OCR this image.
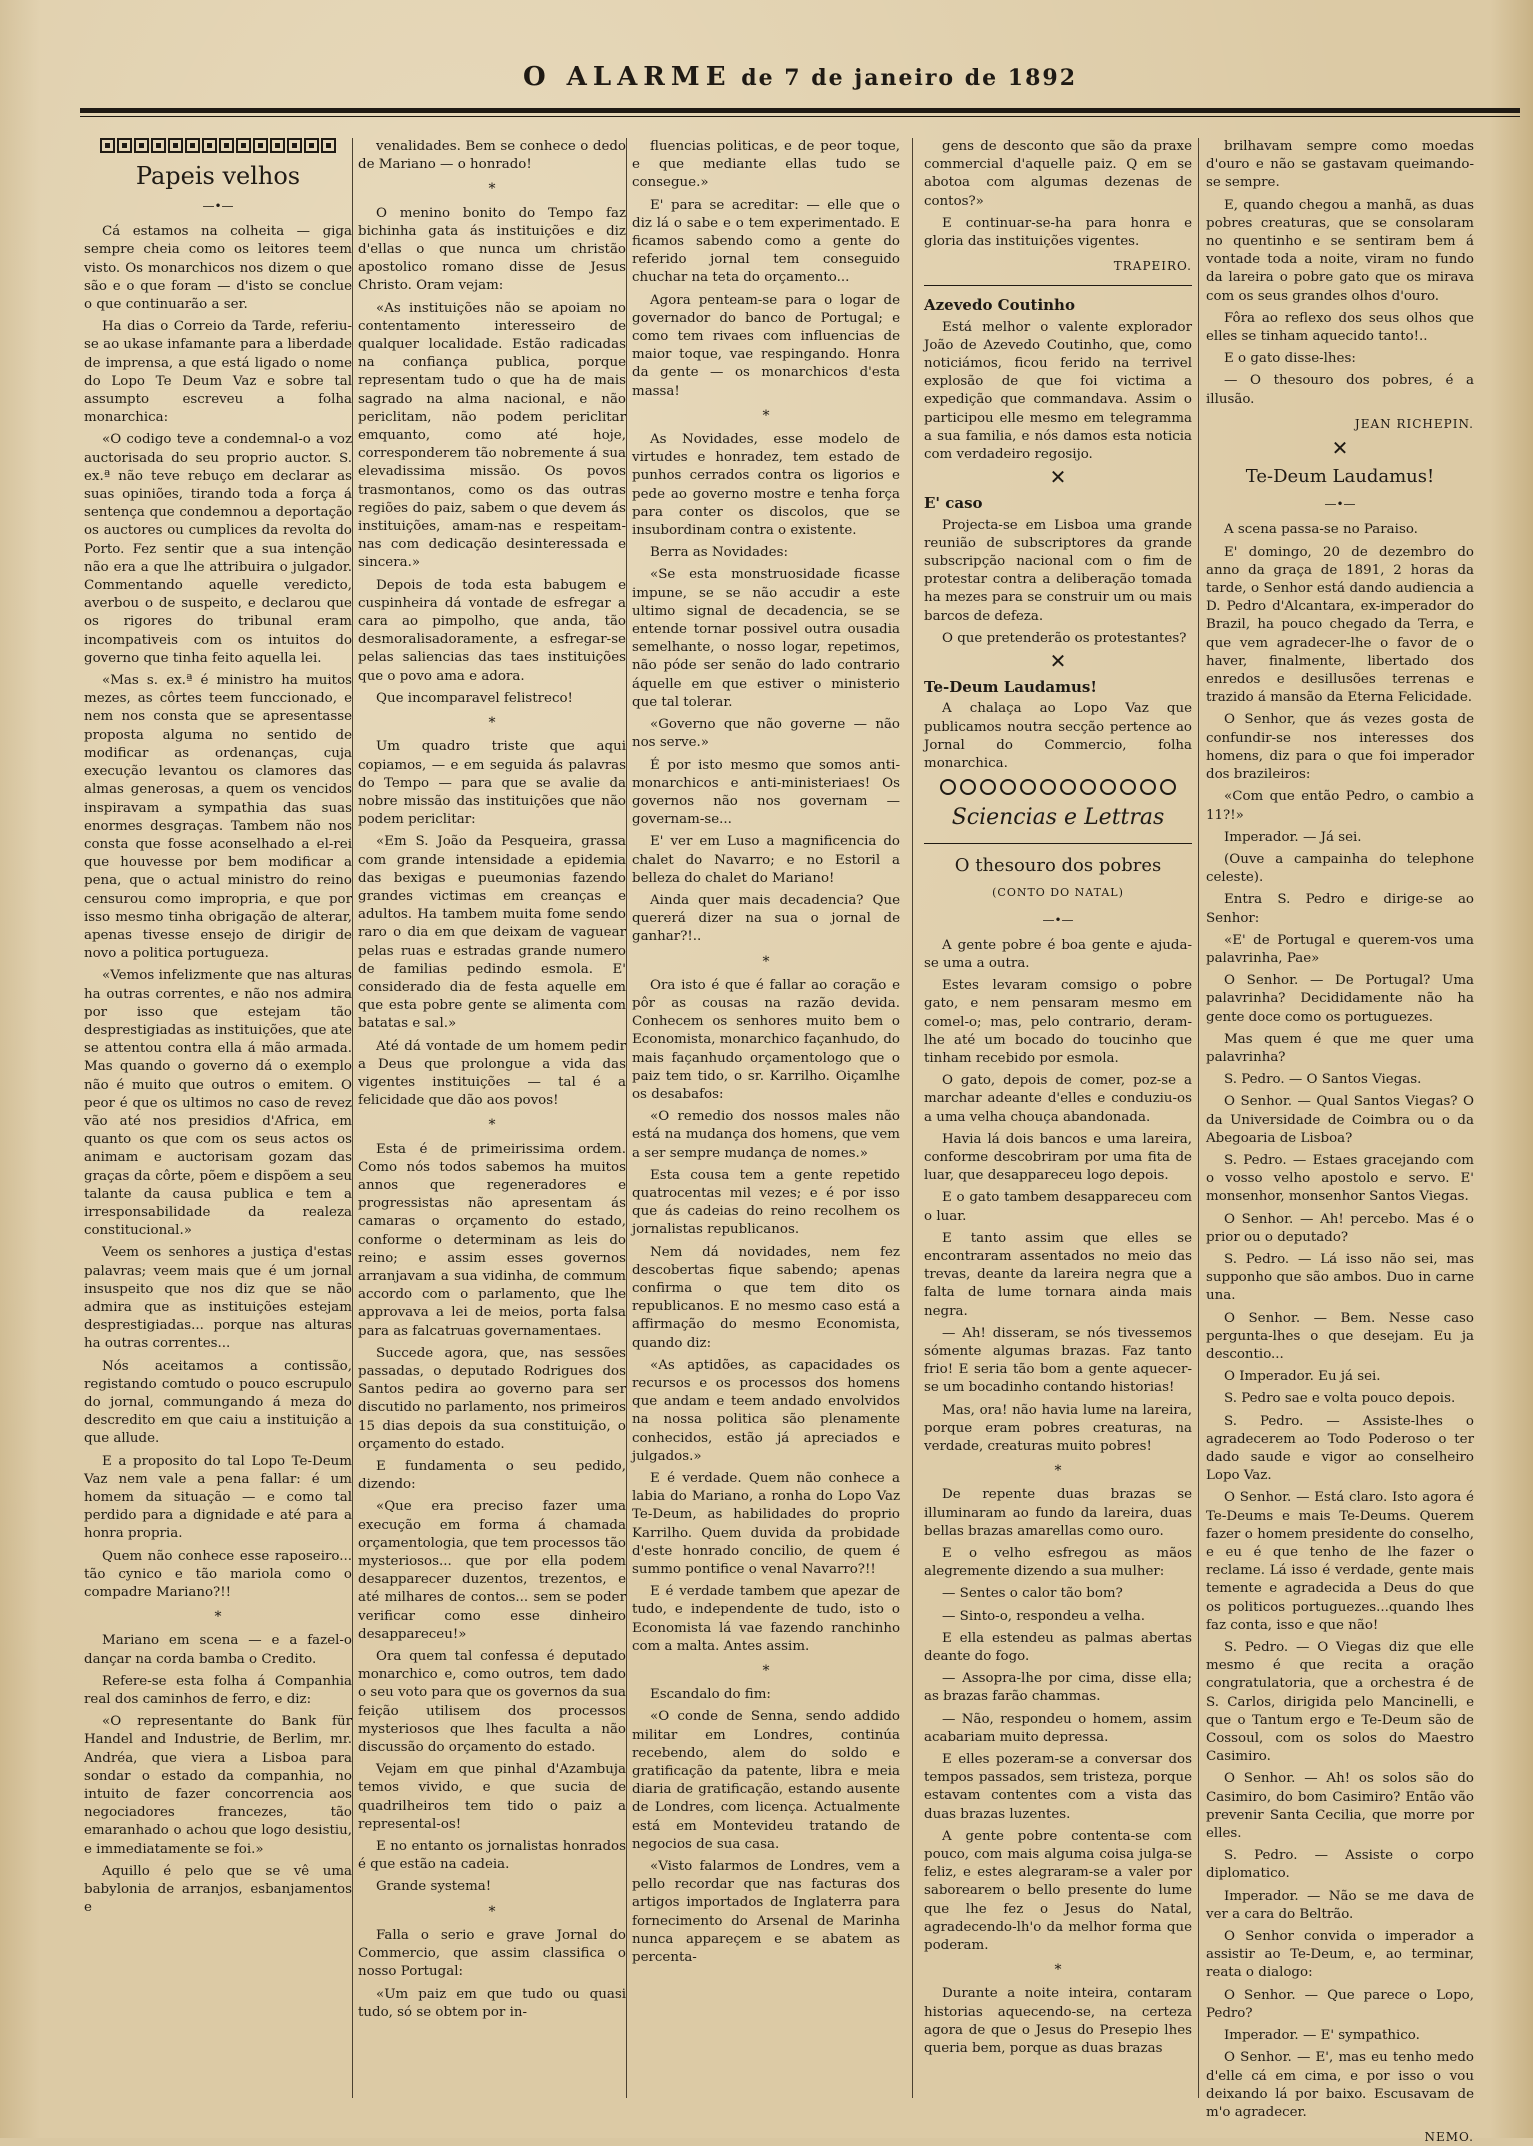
O ALARME de 7 de janeiro de 1892
Papeis velhos
—•—

Cá estamos na colheita — giga sempre cheia como os leitores teem visto. Os monarchicos nos dizem o que são e o que foram — d'isto se conclue o que continuarão a ser.

Ha dias o Correio da Tarde, referiu-se ao ukase infamante para a liberdade de imprensa, a que está ligado o nome do Lopo Te Deum Vaz e sobre tal assumpto escreveu a folha monarchica:

«O codigo teve a condemnal-o a voz auctorisada do seu proprio auctor. S. ex.ª não teve rebuço em declarar as suas opiniões, tirando toda a força á sentença que condemnou a deportação os auctores ou cumplices da revolta do Porto. Fez sentir que a sua intenção não era a que lhe attribuira o julgador. Commentando aquelle veredicto, averbou o de suspeito, e declarou que os rigores do tribunal eram incompativeis com os intuitos do governo que tinha feito aquella lei.

«Mas s. ex.ª é ministro ha muitos mezes, as côrtes teem funccionado, e nem nos consta que se apresentasse proposta alguma no sentido de modificar as ordenanças, cuja execução levantou os clamores das almas generosas, a quem os vencidos inspiravam a sympathia das suas enormes desgraças. Tambem não nos consta que fosse aconselhado a el-rei que houvesse por bem modificar a pena, que o actual ministro do reino censurou como impropria, e que por isso mesmo tinha obrigação de alterar, apenas tivesse ensejo de dirigir de novo a politica portugueza.

«Vemos infelizmente que nas alturas ha outras correntes, e não nos admira por isso que estejam tão desprestigiadas as instituições, que ate se attentou contra ella á mão armada. Mas quando o governo dá o exemplo não é muito que outros o emitem. O peor é que os ultimos no caso de revez vão até nos presidios d'Africa, em quanto os que com os seus actos os animam e auctorisam gozam das graças da côrte, põem e dispõem a seu talante da causa publica e tem a irresponsabilidade da realeza constitucional.»

Veem os senhores a justiça d'estas palavras; veem mais que é um jornal insuspeito que nos diz que se não admira que as instituições estejam desprestigiadas... porque nas alturas ha outras correntes...

Nós aceitamos a contissão, registando comtudo o pouco escrupulo do jornal, commungando á meza do descredito em que caiu a instituição a que allude.

E a proposito do tal Lopo Te-Deum Vaz nem vale a pena fallar: é um homem da situação — e como tal perdido para a dignidade e até para a honra propria.

Quem não conhece esse raposeiro... tão cynico e tão mariola como o compadre Mariano?!!

*

Mariano em scena — e a fazel-o dançar na corda bamba o Credito.

Refere-se esta folha á Companhia real dos caminhos de ferro, e diz:

«O representante do Bank für Handel and Industrie, de Berlim, mr. Andréa, que viera a Lisboa para sondar o estado da companhia, no intuito de fazer concorrencia aos negociadores francezes, tão emaranhado o achou que logo desistiu, e immediatamente se foi.»

Aquillo é pelo que se vê uma babylonia de arranjos, esbanjamentos e

venalidades. Bem se conhece o dedo de Mariano — o honrado!

*

O menino bonito do Tempo faz bichinha gata ás instituições e diz d'ellas o que nunca um christão apostolico romano disse de Jesus Christo. Oram vejam:

«As instituições não se apoiam no contentamento interesseiro de qualquer localidade. Estão radicadas na confiança publica, porque representam tudo o que ha de mais sagrado na alma nacional, e não periclitam, não podem periclitar emquanto, como até hoje, corresponderem tão nobremente á sua elevadissima missão. Os povos trasmontanos, como os das outras regiões do paiz, sabem o que devem ás instituições, amam-nas e respeitam-nas com dedicação desinteressada e sincera.»

Depois de toda esta babugem e cuspinheira dá vontade de esfregar a cara ao pimpolho, que anda, tão desmoralisadoramente, a esfregar-se pelas saliencias das taes instituições que o povo ama e adora.

Que incomparavel felistreco!

*

Um quadro triste que aqui copiamos, — e em seguida ás palavras do Tempo — para que se avalie da nobre missão das instituições que não podem periclitar:

«Em S. João da Pesqueira, grassa com grande intensidade a epidemia das bexigas e pueumonias fazendo grandes victimas em creanças e adultos. Ha tambem muita fome sendo raro o dia em que deixam de vaguear pelas ruas e estradas grande numero de familias pedindo esmola. E' considerado dia de festa aquelle em que esta pobre gente se alimenta com batatas e sal.»

Até dá vontade de um homem pedir a Deus que prolongue a vida das vigentes instituições — tal é a felicidade que dão aos povos!

*

Esta é de primeirissima ordem. Como nós todos sabemos ha muitos annos que regeneradores e progressistas não apresentam ás camaras o orçamento do estado, conforme o determinam as leis do reino; e assim esses governos arranjavam a sua vidinha, de commum accordo com o parlamento, que lhe approvava a lei de meios, porta falsa para as falcatruas governamentaes.

Succede agora, que, nas sessões passadas, o deputado Rodrigues dos Santos pedira ao governo para ser discutido no parlamento, nos primeiros 15 dias depois da sua constituição, o orçamento do estado.

E fundamenta o seu pedido, dizendo:

«Que era preciso fazer uma execução em forma á chamada orçamentologia, que tem processos tão mysteriosos... que por ella podem desapparecer duzentos, trezentos, e até milhares de contos... sem se poder verificar como esse dinheiro desappareceu!»

Ora quem tal confessa é deputado monarchico e, como outros, tem dado o seu voto para que os governos da sua feição utilisem dos processos mysteriosos que lhes faculta a não discussão do orçamento do estado.

Vejam em que pinhal d'Azambuja temos vivido, e que sucia de quadrilheiros tem tido o paiz a represental-os!

E no entanto os jornalistas honrados é que estão na cadeia.

Grande systema!

*

Falla o serio e grave Jornal do Commercio, que assim classifica o nosso Portugal:

«Um paiz em que tudo ou quasi tudo, só se obtem por in-

fluencias politicas, e de peor toque, e que mediante ellas tudo se consegue.»

E' para se acreditar: — elle que o diz lá o sabe e o tem experimentado. E ficamos sabendo como a gente do referido jornal tem conseguido chuchar na teta do orçamento...

Agora penteam-se para o logar de governador do banco de Portugal; e como tem rivaes com influencias de maior toque, vae respingando. Honra da gente — os monarchicos d'esta massa!

*

As Novidades, esse modelo de virtudes e honradez, tem estado de punhos cerrados contra os ligorios e pede ao governo mostre e tenha força para conter os discolos, que se insubordinam contra o existente.

Berra as Novidades:

«Se esta monstruosidade ficasse impune, se se não accudir a este ultimo signal de decadencia, se se entende tornar possivel outra ousadia semelhante, o nosso logar, repetimos, não póde ser senão do lado contrario áquelle em que estiver o ministerio que tal tolerar.

«Governo que não governe — não nos serve.»

É por isto mesmo que somos anti-monarchicos e anti-ministeriaes! Os governos não nos governam — governam-se...

E' ver em Luso a magnificencia do chalet do Navarro; e no Estoril a belleza do chalet do Mariano!

Ainda quer mais decadencia? Que quererá dizer na sua o jornal de ganhar?!..

*

Ora isto é que é fallar ao coração e pôr as cousas na razão devida. Conhecem os senhores muito bem o Economista, monarchico façanhudo, do mais façanhudo orçamentologo que o paiz tem tido, o sr. Karrilho. Oiçamlhe os desabafos:

«O remedio dos nossos males não está na mudança dos homens, que vem a ser sempre mudança de nomes.»

Esta cousa tem a gente repetido quatrocentas mil vezes; e é por isso que ás cadeias do reino recolhem os jornalistas republicanos.

Nem dá novidades, nem fez descobertas fique sabendo; apenas confirma o que tem dito os republicanos. E no mesmo caso está a affirmação do mesmo Economista, quando diz:

«As aptidões, as capacidades os recursos e os processos dos homens que andam e teem andado envolvidos na nossa politica são plenamente conhecidos, estão já apreciados e julgados.»

E é verdade. Quem não conhece a labia do Mariano, a ronha do Lopo Vaz Te-Deum, as habilidades do proprio Karrilho. Quem duvida da probidade d'este honrado concilio, de quem é summo pontifice o venal Navarro?!!

E é verdade tambem que apezar de tudo, e independente de tudo, isto o Economista lá vae fazendo ranchinho com a malta. Antes assim.

*

Escandalo do fim:

«O conde de Senna, sendo addido militar em Londres, continúa recebendo, alem do soldo e gratificação da patente, libra e meia diaria de gratificação, estando ausente de Londres, com licença. Actualmente está em Montevideu tratando de negocios de sua casa.

«Visto falarmos de Londres, vem a pello recordar que nas facturas dos artigos importados de Inglaterra para fornecimento do Arsenal de Marinha nunca appareçem e se abatem as percenta-

gens de desconto que são da praxe commercial d'aquelle paiz. Q em se abotoa com algumas dezenas de contos?»

E continuar-se-ha para honra e gloria das instituições vigentes.

TRAPEIRO.
Azevedo Coutinho

Está melhor o valente explorador João de Azevedo Coutinho, que, como noticiámos, ficou ferido na terrivel explosão de que foi victima a expedição que commandava. Assim o participou elle mesmo em telegramma a sua familia, e nós damos esta noticia com verdadeiro regosijo.

✕
E' caso

Projecta-se em Lisboa uma grande reunião de subscriptores da grande subscripção nacional com o fim de protestar contra a deliberação tomada ha mezes para se construir um ou mais barcos de defeza.

O que pretenderão os protestantes?

✕
Te-Deum Laudamus!

A chalaça ao Lopo Vaz que publicamos noutra secção pertence ao Jornal do Commercio, folha monarchica.

Sciencias e Lettras
O thesouro dos pobres
(CONTO DO NATAL)
—•—

A gente pobre é boa gente e ajuda-se uma a outra.

Estes levaram comsigo o pobre gato, e nem pensaram mesmo em comel-o; mas, pelo contrario, deram-lhe até um bocado do toucinho que tinham recebido por esmola.

O gato, depois de comer, poz-se a marchar adeante d'elles e conduziu-os a uma velha chouça abandonada.

Havia lá dois bancos e uma lareira, conforme descobriram por uma fita de luar, que desappareceu logo depois.

E o gato tambem desappareceu com o luar.

E tanto assim que elles se encontraram assentados no meio das trevas, deante da lareira negra que a falta de lume tornara ainda mais negra.

— Ah! disseram, se nós tivessemos sómente algumas brazas. Faz tanto frio! E seria tão bom a gente aquecer-se um bocadinho contando historias!

Mas, ora! não havia lume na lareira, porque eram pobres creaturas, na verdade, creaturas muito pobres!

*

De repente duas brazas se illuminaram ao fundo da lareira, duas bellas brazas amarellas como ouro.

E o velho esfregou as mãos alegremente dizendo a sua mulher:

— Sentes o calor tão bom?

— Sinto-o, respondeu a velha.

E ella estendeu as palmas abertas deante do fogo.

— Assopra-lhe por cima, disse ella; as brazas farão chammas.

— Não, respondeu o homem, assim acabariam muito depressa.

E elles pozeram-se a conversar dos tempos passados, sem tristeza, porque estavam contentes com a vista das duas brazas luzentes.

A gente pobre contenta-se com pouco, com mais alguma coisa julga-se feliz, e estes alegraram-se a valer por saborearem o bello presente do lume que lhe fez o Jesus do Natal, agradecendo-lh'o da melhor forma que poderam.

*

Durante a noite inteira, contaram historias aquecendo-se, na certeza agora de que o Jesus do Presepio lhes queria bem, porque as duas brazas

brilhavam sempre como moedas d'ouro e não se gastavam queimando-se sempre.

E, quando chegou a manhã, as duas pobres creaturas, que se consolaram no quentinho e se sentiram bem á vontade toda a noite, viram no fundo da lareira o pobre gato que os mirava com os seus grandes olhos d'ouro.

Fôra ao reflexo dos seus olhos que elles se tinham aquecido tanto!..

E o gato disse-lhes:

— O thesouro dos pobres, é a illusão.

JEAN RICHEPIN.
✕
Te-Deum Laudamus!
—•—

A scena passa-se no Paraiso.

E' domingo, 20 de dezembro do anno da graça de 1891, 2 horas da tarde, o Senhor está dando audiencia a D. Pedro d'Alcantara, ex-imperador do Brazil, ha pouco chegado da Terra, e que vem agradecer-lhe o favor de o haver, finalmente, libertado dos enredos e desillusões terrenas e trazido á mansão da Eterna Felicidade.

O Senhor, que ás vezes gosta de confundir-se nos interesses dos homens, diz para o que foi imperador dos brazileiros:

«Com que então Pedro, o cambio a 11?!»

Imperador. — Já sei.

(Ouve a campainha do telephone celeste).

Entra S. Pedro e dirige-se ao Senhor:

«E' de Portugal e querem-vos uma palavrinha, Pae»

O Senhor. — De Portugal? Uma palavrinha? Decididamente não ha gente doce como os portuguezes.

Mas quem é que me quer uma palavrinha?

S. Pedro. — O Santos Viegas.

O Senhor. — Qual Santos Viegas? O da Universidade de Coimbra ou o da Abegoaria de Lisboa?

S. Pedro. — Estaes gracejando com o vosso velho apostolo e servo. E' monsenhor, monsenhor Santos Viegas.

O Senhor. — Ah! percebo. Mas é o prior ou o deputado?

S. Pedro. — Lá isso não sei, mas supponho que são ambos. Duo in carne una.

O Senhor. — Bem. Nesse caso pergunta-lhes o que desejam. Eu ja descontio...

O Imperador. Eu já sei.

S. Pedro sae e volta pouco depois.

S. Pedro. — Assiste-lhes o agradecerem ao Todo Poderoso o ter dado saude e vigor ao conselheiro Lopo Vaz.

O Senhor. — Está claro. Isto agora é Te-Deums e mais Te-Deums. Querem fazer o homem presidente do conselho, e eu é que tenho de lhe fazer o reclame. Lá isso é verdade, gente mais temente e agradecida a Deus do que os politicos portuguezes...quando lhes faz conta, isso e que não!

S. Pedro. — O Viegas diz que elle mesmo é que recita a oração congratulatoria, que a orchestra é de S. Carlos, dirigida pelo Mancinelli, e que o Tantum ergo e Te-Deum são de Cossoul, com os solos do Maestro Casimiro.

O Senhor. — Ah! os solos são do Casimiro, do bom Casimiro? Então vão prevenir Santa Cecilia, que morre por elles.

S. Pedro. — Assiste o corpo diplomatico.

Imperador. — Não se me dava de ver a cara do Beltrão.

O Senhor convida o imperador a assistir ao Te-Deum, e, ao terminar, reata o dialogo:

O Senhor. — Que parece o Lopo, Pedro?

Imperador. — E' sympathico.

O Senhor. — E', mas eu tenho medo d'elle cá em cima, e por isso o vou deixando lá por baixo. Escusavam de m'o agradecer.

NEMO.
